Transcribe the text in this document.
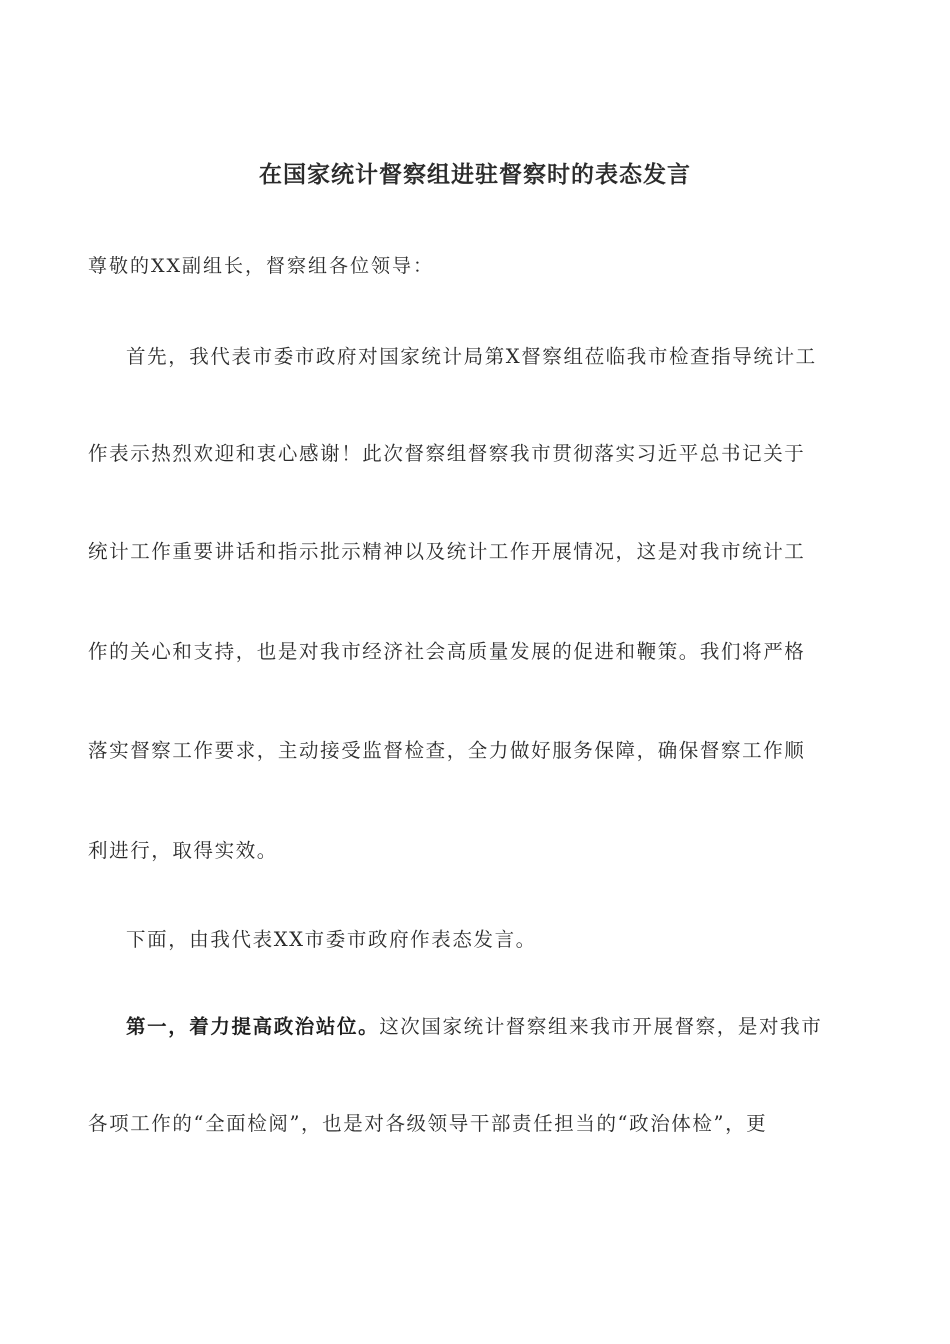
在国家统计督察组进驻督察时的表态发言

尊敬的XX副组长，督察组各位领导：

首先，我代表市委市政府对国家统计局第X督察组莅临我市检查指导统计工

作表示热烈欢迎和衷心感谢！此次督察组督察我市贯彻落实习近平总书记关于

统计工作重要讲话和指示批示精神以及统计工作开展情况，这是对我市统计工

作的关心和支持，也是对我市经济社会高质量发展的促进和鞭策。我们将严格

落实督察工作要求，主动接受监督检查，全力做好服务保障，确保督察工作顺

利进行，取得实效。

下面，由我代表XX市委市政府作表态发言。

第一，着力提高政治站位。这次国家统计督察组来我市开展督察，是对我市

各项工作的“全面检阅”，也是对各级领导干部责任担当的“政治体检”，更
